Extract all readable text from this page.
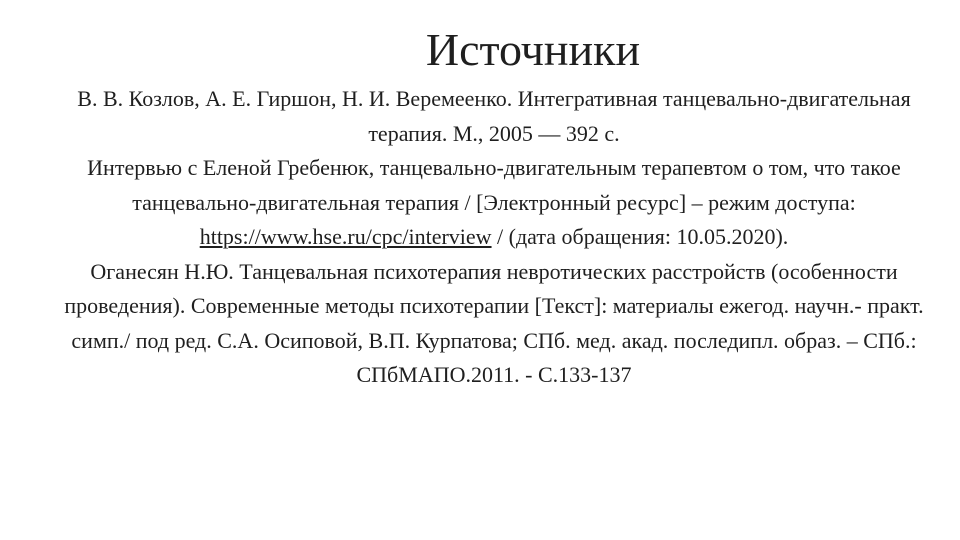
Источники

В. В. Козлов, А. Е. Гиршон, Н. И. Веремеенко. Интегративная танцевально-двигательная терапия. М., 2005 — 392 с.

Интервью с Еленой Гребенюк, танцевально-двигательным терапевтом о том, что такое танцевально-двигательная терапия / [Электронный ресурс] – режим доступа: https://www.hse.ru/cpc/interview / (дата обращения: 10.05.2020).

Оганесян Н.Ю. Танцевальная психотерапия невротических расстройств (особенности проведения). Современные методы психотерапии [Текст]: материалы ежегод. научн.- практ. симп./ под ред. С.А. Осиповой, В.П. Курпатова; СПб. мед. акад. последипл. образ. – СПб.: СПбМАПО.2011. - С.133-137
